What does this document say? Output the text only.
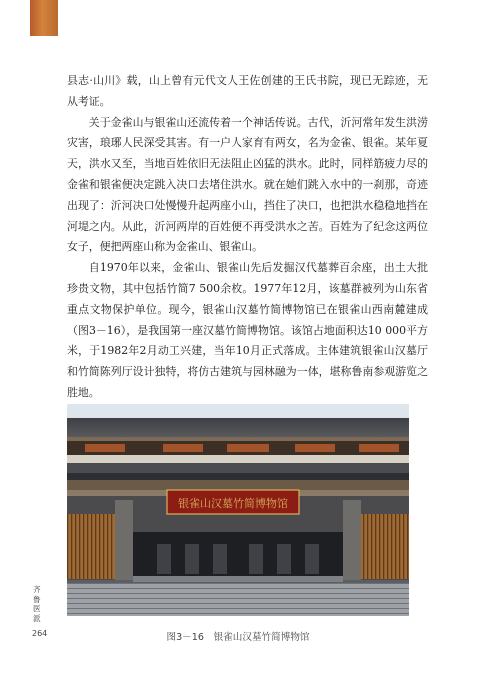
县志·山川》载，山上曾有元代文人王佐创建的王氏书院，现已无踪迹，无从考证。

关于金雀山与银雀山还流传着一个神话传说。古代，沂河常年发生洪涝灾害，琅琊人民深受其害。有一户人家育有两女，名为金雀、银雀。某年夏天，洪水又至，当地百姓依旧无法阻止凶猛的洪水。此时，同样筋疲力尽的金雀和银雀便决定跳入决口去堵住洪水。就在她们跳入水中的一刹那，奇迹出现了：沂河决口处慢慢升起两座小山，挡住了决口，也把洪水稳稳地挡在河堤之内。从此，沂河两岸的百姓便不再受洪水之苦。百姓为了纪念这两位女子，便把两座山称为金雀山、银雀山。

自1970年以来，金雀山、银雀山先后发掘汉代墓葬百余座，出土大批珍贵文物，其中包括竹简7 500余枚。1977年12月，该墓群被列为山东省重点文物保护单位。现今，银雀山汉墓竹简博物馆已在银雀山西南麓建成（图3－16），是我国第一座汉墓竹简博物馆。该馆占地面积达10 000平方米，于1982年2月动工兴建，当年10月正式落成。主体建筑银雀山汉墓厅和竹简陈列厅设计独特，将仿古建筑与园林融为一体，堪称鲁南参观游览之胜地。

银雀山汉墓竹简博物馆
图3－16　银雀山汉墓竹简博物馆
齐鲁医派
264
